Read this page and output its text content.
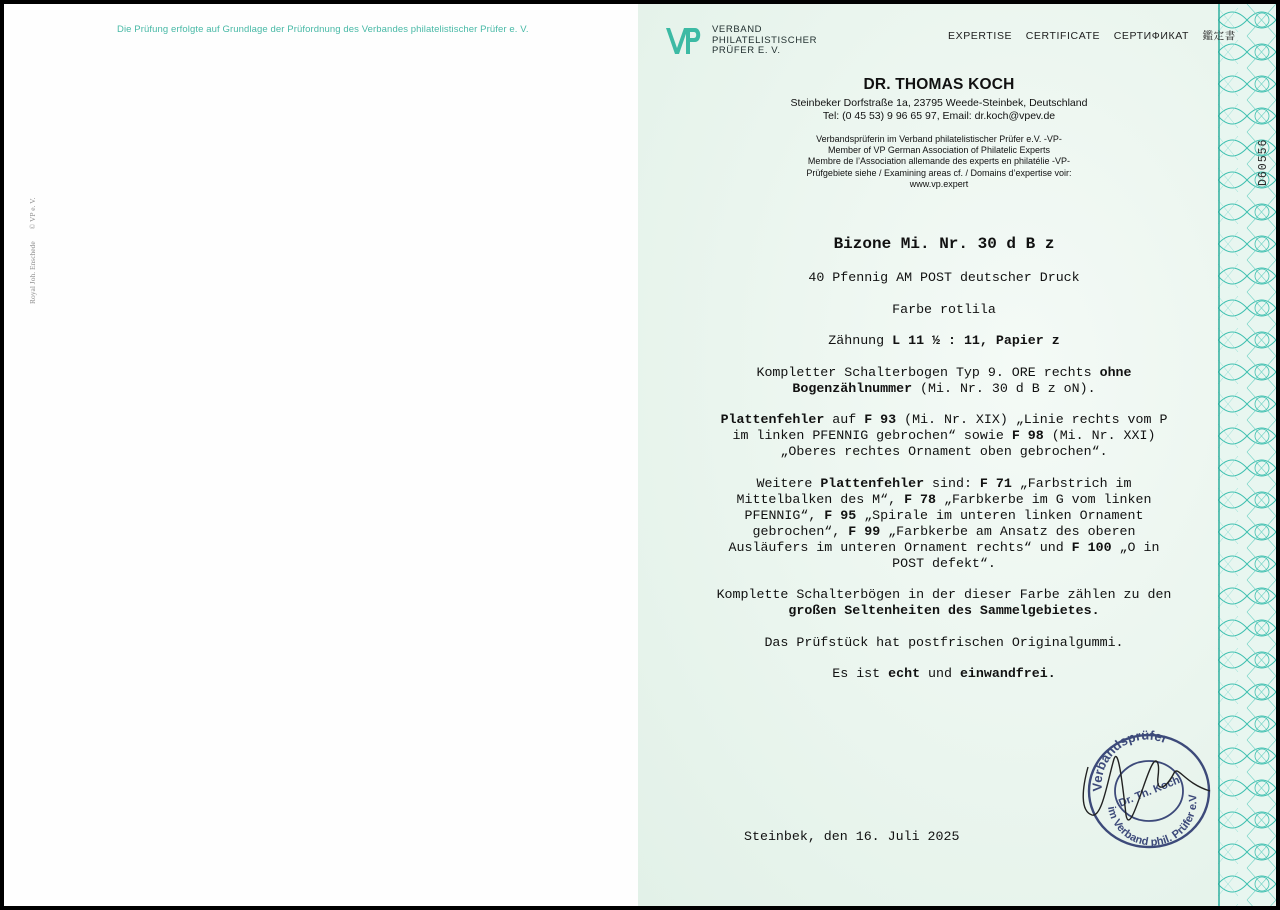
Die Prüfung erfolgte auf Grundlage der Prüfordnung des Verbandes philatelistischer Prüfer e. V.
Royal Joh. Enschede © VP e. V.
VERBAND
PHILATELISTISCHER
PRÜFER E. V.
EXPERTISE CERTIFICATE СЕРТИФИКАТ 鑑定書
DR. THOMAS KOCH
Steinbeker Dorfstraße 1a, 23795 Weede-Steinbek, Deutschland
Tel: (0 45 53) 9 96 65 97, Email: dr.koch@vpev.de
Verbandsprüferin im Verband philatelistischer Prüfer e.V. -VP-
Member of VP German Association of Philatelic Experts
Membre de l’Association allemande des experts en philatélie -VP-
Prüfgebiete siehe / Examining areas cf. / Domains d’expertise voir:
www.vp.expert

Bizone Mi. Nr. 30 d B z

40 Pfennig AM POST deutscher Druck

Farbe rotlila

Zähnung L 11 ½ : 11, Papier z

Kompletter Schalterbogen Typ 9. ORE rechts ohne Bogenzählnummer (Mi. Nr. 30 d B z oN).

Plattenfehler auf F 93 (Mi. Nr. XIX) „Linie rechts vom P im linken PFENNIG gebrochen“ sowie F 98 (Mi. Nr. XXI) „Oberes rechtes Ornament oben gebrochen“.

Weitere Plattenfehler sind: F 71 „Farbstrich im Mittelbalken des M“, F 78 „Farbkerbe im G vom linken PFENNIG“, F 95 „Spirale im unteren linken Ornament gebrochen“, F 99 „Farbkerbe am Ansatz des oberen Ausläufers im unteren Ornament rechts“ und F 100 „O in POST defekt“.

Komplette Schalterbögen in der dieser Farbe zählen zu den großen Seltenheiten des Sammelgebietes.

Das Prüfstück hat postfrischen Originalgummi.

Es ist echt und einwandfrei.

Steinbek, den 16. Juli 2025
Verbandsprüfer
im Verband phil. Prüfer e.V
Dr. Th. Koch
D60556
